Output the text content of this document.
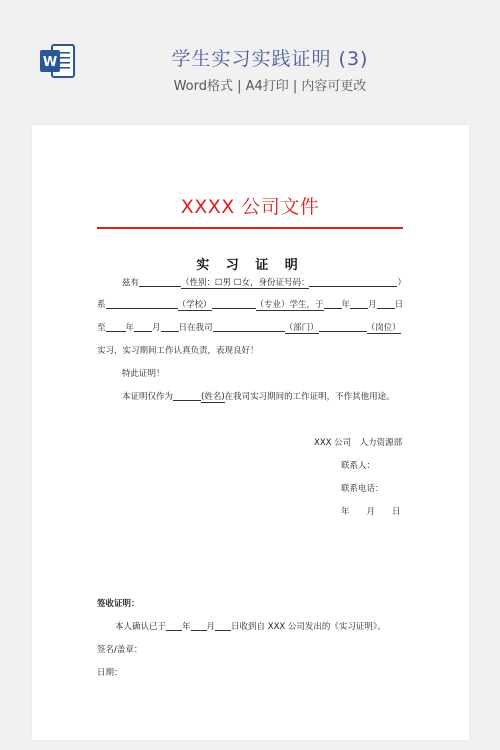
W	学生实习实践证明 (3)
Word格式 | A4打印 | 内容可更改
XXXX 公司文件
实 习 证 明
兹有	（性别：☐男 ☐女，身份证号码：	）
系	（学校）	（专业）学生，于 年 月 日
至 年 月 日在我司	（部门）	（岗位）
实习，实习期间工作认真负责，表现良好！
特此证明！
本证明仅作为	(姓名)在我司实习期间的工作证明，不作其他用途。
XXX 公司　人力资源部
联系人：
联系电话：
年　　月　　日
签收证明：
本人确认已于 年 月 日收到自 XXX 公司发出的《实习证明》。
签名/盖章：
日期：
